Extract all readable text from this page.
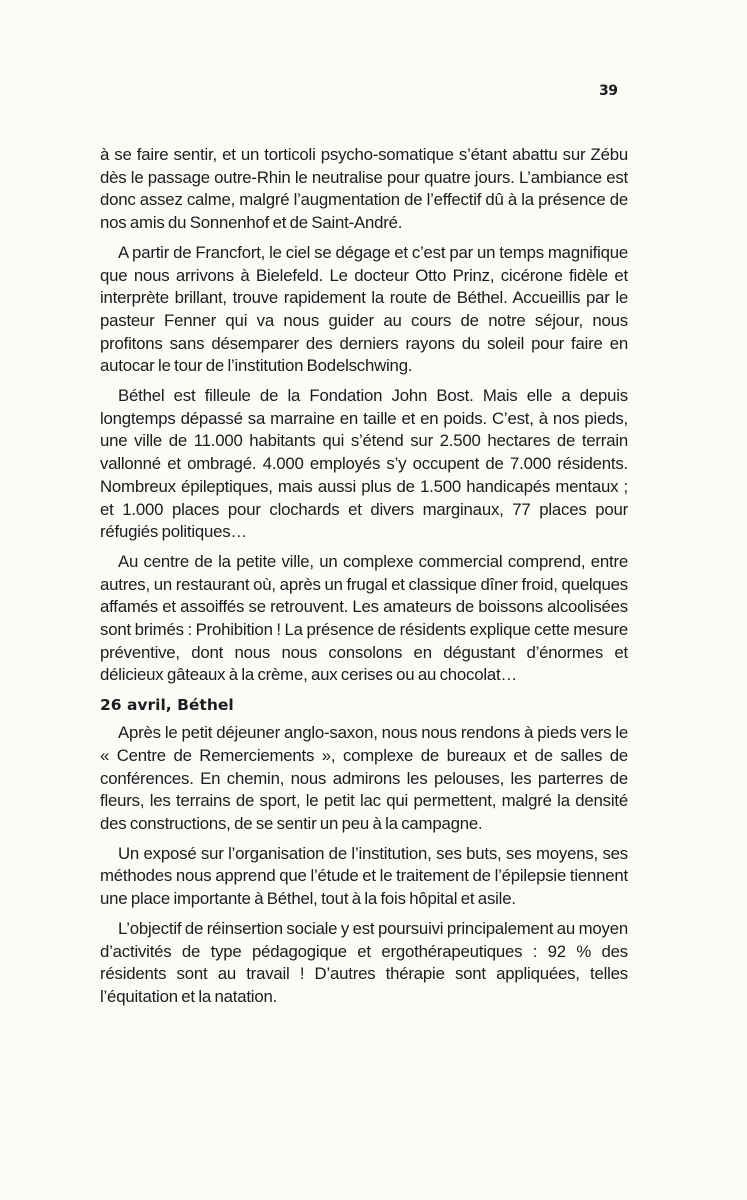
39

à se faire sentir, et un torticoli psycho-somatique s’étant abattu sur Zébu dès le passage outre-Rhin le neutralise pour quatre jours. L’ambiance est donc assez calme, malgré l’augmentation de l’effectif dû à la présence de nos amis du Sonnenhof et de Saint-André.

A partir de Francfort, le ciel se dégage et c’est par un temps magnifique que nous arrivons à Bielefeld. Le docteur Otto Prinz, cicérone fidèle et interprète brillant, trouve rapidement la route de Béthel. Accueillis par le pasteur Fenner qui va nous guider au cours de notre séjour, nous profitons sans désemparer des derniers rayons du soleil pour faire en autocar le tour de l’institution Bodelschwing.

Béthel est filleule de la Fondation John Bost. Mais elle a depuis longtemps dépassé sa marraine en taille et en poids. C’est, à nos pieds, une ville de 11.000 habitants qui s’étend sur 2.500 hectares de terrain vallonné et ombragé. 4.000 employés s’y occupent de 7.000 résidents. Nombreux épileptiques, mais aussi plus de 1.500 handicapés mentaux ; et 1.000 places pour clochards et divers marginaux, 77 places pour réfugiés politiques…

Au centre de la petite ville, un complexe commercial comprend, entre autres, un restaurant où, après un frugal et classique dîner froid, quelques affamés et assoiffés se retrouvent. Les amateurs de boissons alcoolisées sont brimés : Prohibition ! La présence de résidents explique cette mesure préventive, dont nous nous consolons en dégustant d’énormes et délicieux gâteaux à la crème, aux cerises ou au chocolat…

26 avril, Béthel

Après le petit déjeuner anglo-saxon, nous nous rendons à pieds vers le « Centre de Remerciements », complexe de bureaux et de salles de conférences. En chemin, nous admirons les pelouses, les parterres de fleurs, les terrains de sport, le petit lac qui permettent, malgré la densité des constructions, de se sentir un peu à la campagne.

Un exposé sur l’organisation de l’institution, ses buts, ses moyens, ses méthodes nous apprend que l’étude et le traitement de l’épilepsie tiennent une place importante à Béthel, tout à la fois hôpital et asile.

L’objectif de réinsertion sociale y est poursuivi principalement au moyen d’activités de type pédagogique et ergothérapeutiques : 92 % des résidents sont au travail ! D’autres thérapie sont appliquées, telles l’équitation et la natation.
